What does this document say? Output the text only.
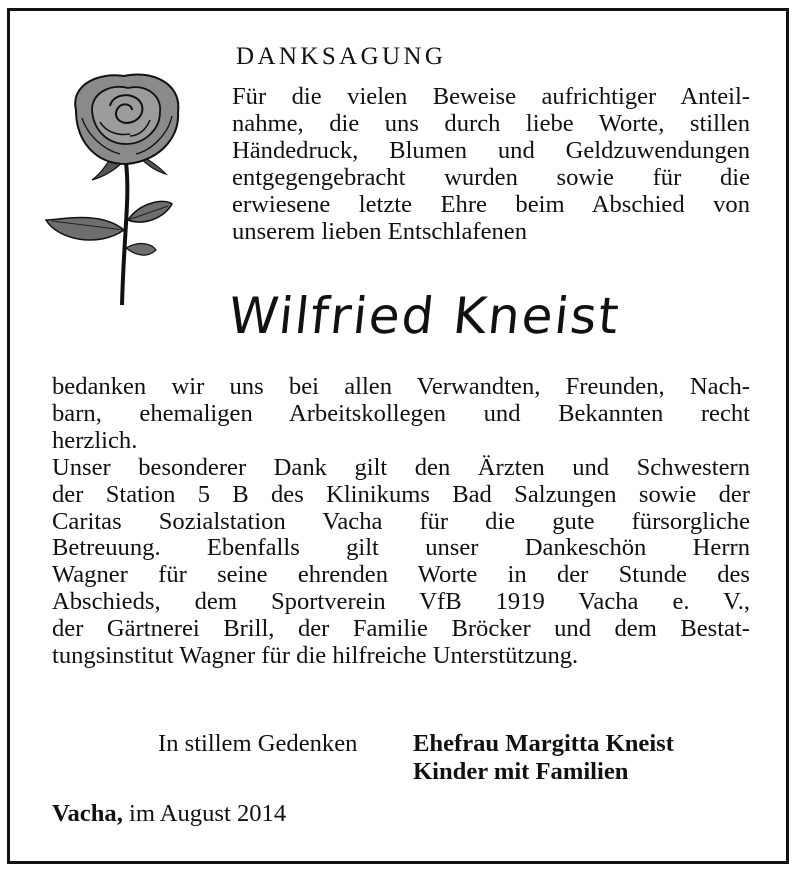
DANKSAGUNG
Für die vielen Beweise aufrichtiger Anteil-
nahme, die uns durch liebe Worte, stillen
Händedruck, Blumen und Geldzuwendungen
entgegengebracht wurden sowie für die
erwiesene letzte Ehre beim Abschied von
unserem lieben Entschlafenen
Wilfried Kneist
bedanken wir uns bei allen Verwandten, Freunden, Nach-
barn, ehemaligen Arbeitskollegen und Bekannten recht
herzlich.
Unser besonderer Dank gilt den Ärzten und Schwestern
der Station 5 B des Klinikums Bad Salzungen sowie der
Caritas Sozialstation Vacha für die gute fürsorgliche
Betreuung. Ebenfalls gilt unser Dankeschön Herrn
Wagner für seine ehrenden Worte in der Stunde des
Abschieds, dem Sportverein VfB 1919 Vacha e. V.,
der Gärtnerei Brill, der Familie Bröcker und dem Bestat-
tungsinstitut Wagner für die hilfreiche Unterstützung.
In stillem Gedenken Ehefrau Margitta Kneist
Kinder mit Familien
Vacha, im August 2014
